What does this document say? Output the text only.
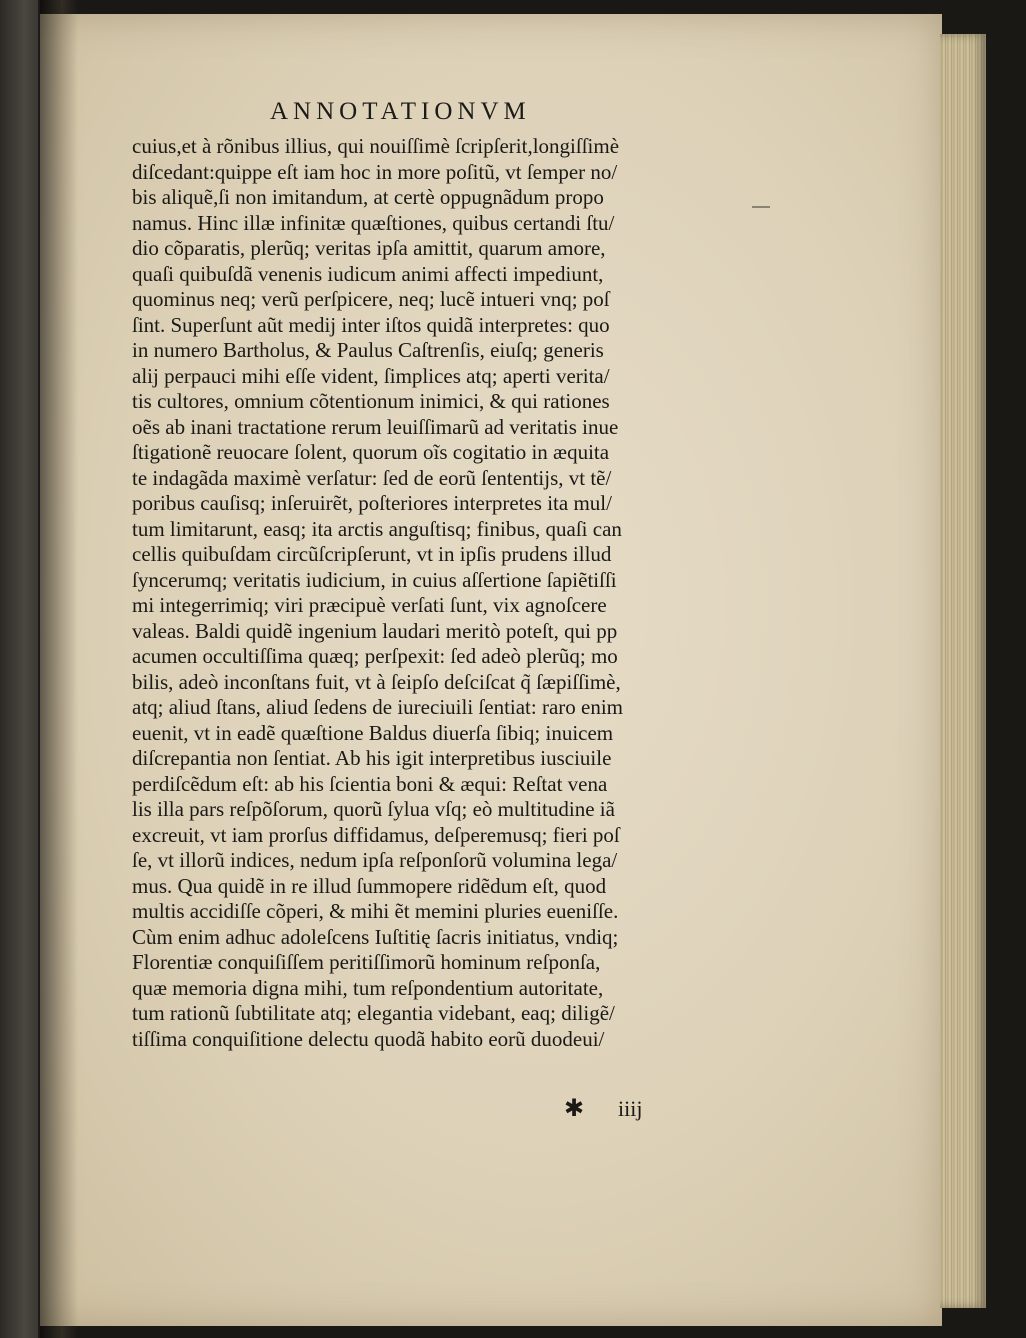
ANNOTATIONVM
cuius,et à rõnibus illius, qui nouiſſimè ſcripſerit,longiſſimè
diſcedant:quippe eſt iam hoc in more poſitũ, vt ſemper no/
bis aliquẽ,ſi non imitandum, at certè oppugnãdum propo
namus. Hinc illæ infinitæ quæſtiones, quibus certandi ſtu/
dio cõparatis, plerũq; veritas ipſa amittit, quarum amore,
quaſi quibuſdã venenis iudicum animi affecti impediunt,
quominus neq; verũ perſpicere, neq; lucẽ intueri vnq; poſ
ſint. Superſunt aũt medij inter iſtos quidã interpretes: quo
in numero Bartholus, & Paulus Caſtrenſis, eiuſq; generis
alij perpauci mihi eſſe vident, ſimplices atq; aperti verita/
tis cultores, omnium cõtentionum inimici, & qui rationes
oẽs ab inani tractatione rerum leuiſſimarũ ad veritatis inue
ſtigationẽ reuocare ſolent, quorum oĩs cogitatio in æquita
te indagãda maximè verſatur: ſed de eorũ ſententijs, vt tẽ/
poribus cauſisq; inſeruirẽt, poſteriores interpretes ita mul/
tum limitarunt, easq; ita arctis anguſtisq; finibus, quaſi can
cellis quibuſdam circũſcripſerunt, vt in ipſis prudens illud
ſyncerumq; veritatis iudicium, in cuius aſſertione ſapiẽtiſſi
mi integerrimiq; viri præcipuè verſati ſunt, vix agnoſcere
valeas. Baldi quidẽ ingenium laudari meritò poteſt, qui pp
acumen occultiſſima quæq; perſpexit: ſed adeò plerũq; mo
bilis, adeò inconſtans fuit, vt à ſeipſo deſciſcat q̃ ſæpiſſimè,
atq; aliud ſtans, aliud ſedens de iureciuili ſentiat: raro enim
euenit, vt in eadẽ quæſtione Baldus diuerſa ſibiq; inuicem
diſcrepantia non ſentiat. Ab his igit interpretibus iusciuile
perdiſcẽdum eſt: ab his ſcientia boni & æqui: Reſtat vena
lis illa pars reſpõſorum, quorũ ſylua vſq; eò multitudine iã
excreuit, vt iam prorſus diffidamus, deſperemusq; fieri poſ
ſe, vt illorũ indices, nedum ipſa reſponſorũ volumina lega/
mus. Qua quidẽ in re illud ſummopere ridẽdum eſt, quod
multis accidiſſe cõperi, & mihi ẽt memini pluries eueniſſe.
Cùm enim adhuc adoleſcens Iuſtitię ſacris initiatus, vndiq;
Florentiæ conquiſiſſem peritiſſimorũ hominum reſponſa,
quæ memoria digna mihi, tum reſpondentium autoritate,
tum rationũ ſubtilitate atq; elegantia videbant, eaq; diligẽ/
tiſſima conquiſitione delectu quodã habito eorũ duodeui/
✱ iiij
